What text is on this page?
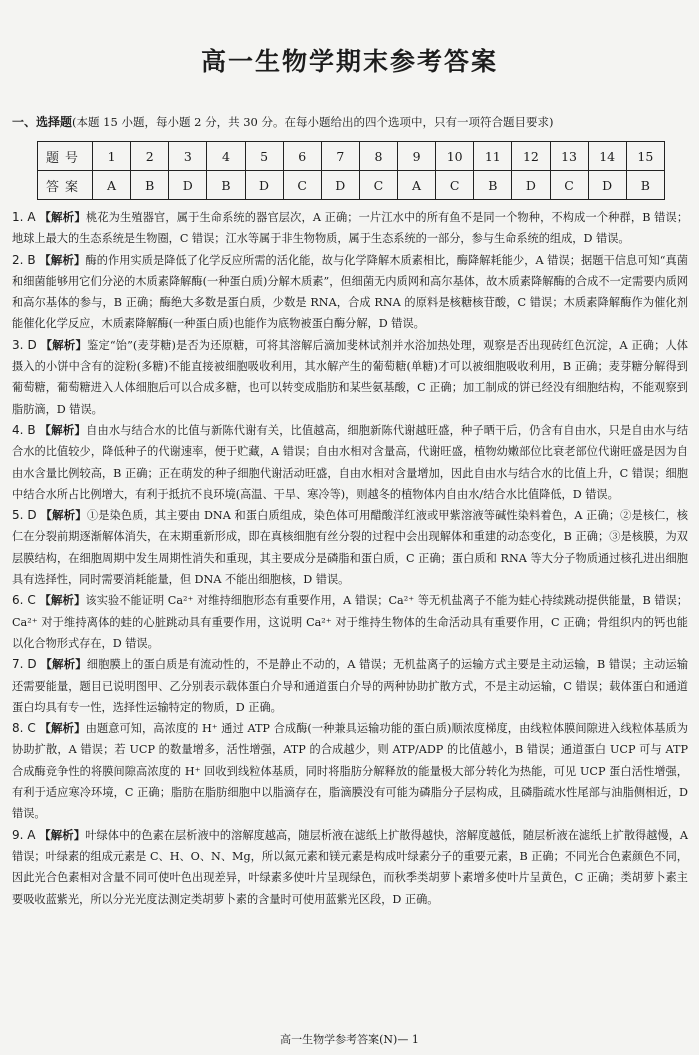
高一生物学期末参考答案
一、选择题(本题 15 小题，每小题 2 分，共 30 分。在每小题给出的四个选项中，只有一项符合题目要求)
题号	1	2	3	4	5	6	7	8	9	10	11	12	13	14	15
答案	A	B	D	B	D	C	D	C	A	C	B	D	C	D	B
1. A 【解析】桃花为生殖器官，属于生命系统的器官层次，A 正确；一片江水中的所有鱼不是同一个物种，不构成一个种群，B 错误；地球上最大的生态系统是生物圈，C 错误；江水等属于非生物物质，属于生态系统的一部分，参与生命系统的组成，D 错误。
2. B 【解析】酶的作用实质是降低了化学反应所需的活化能，故与化学降解木质素相比，酶降解耗能少，A 错误；据题干信息可知“真菌和细菌能够用它们分泌的木质素降解酶(一种蛋白质)分解木质素”，但细菌无内质网和高尔基体，故木质素降解酶的合成不一定需要内质网和高尔基体的参与，B 正确；酶绝大多数是蛋白质，少数是 RNA，合成 RNA 的原料是核糖核苷酸，C 错误；木质素降解酶作为催化剂能催化化学反应，木质素降解酶(一种蛋白质)也能作为底物被蛋白酶分解，D 错误。
3. D 【解析】鉴定“饴”(麦芽糖)是否为还原糖，可将其溶解后滴加斐林试剂并水浴加热处理，观察是否出现砖红色沉淀，A 正确；人体摄入的小饼中含有的淀粉(多糖)不能直接被细胞吸收利用，其水解产生的葡萄糖(单糖)才可以被细胞吸收利用，B 正确；麦芽糖分解得到葡萄糖，葡萄糖进入人体细胞后可以合成多糖，也可以转变成脂肪和某些氨基酸，C 正确；加工制成的饼已经没有细胞结构，不能观察到脂肪滴，D 错误。
4. B 【解析】自由水与结合水的比值与新陈代谢有关，比值越高，细胞新陈代谢越旺盛，种子晒干后，仍含有自由水，只是自由水与结合水的比值较少，降低种子的代谢速率，便于贮藏，A 错误；自由水相对含量高，代谢旺盛，植物幼嫩部位比衰老部位代谢旺盛是因为自由水含量比例较高，B 正确；正在萌发的种子细胞代谢活动旺盛，自由水相对含量增加，因此自由水与结合水的比值上升，C 错误；细胞中结合水所占比例增大，有利于抵抗不良环境(高温、干旱、寒冷等)，则越冬的植物体内自由水/结合水比值降低，D 错误。
5. D 【解析】①是染色质，其主要由 DNA 和蛋白质组成，染色体可用醋酸洋红液或甲紫溶液等碱性染料着色，A 正确；②是核仁，核仁在分裂前期逐渐解体消失，在末期重新形成，即在真核细胞有丝分裂的过程中会出现解体和重建的动态变化，B 正确；③是核膜，为双层膜结构，在细胞周期中发生周期性消失和重现，其主要成分是磷脂和蛋白质，C 正确；蛋白质和 RNA 等大分子物质通过核孔进出细胞具有选择性，同时需要消耗能量，但 DNA 不能出细胞核，D 错误。
6. C 【解析】该实验不能证明 Ca²⁺ 对维持细胞形态有重要作用，A 错误；Ca²⁺ 等无机盐离子不能为蛙心持续跳动提供能量，B 错误；Ca²⁺ 对于维持离体的蛙的心脏跳动具有重要作用，这说明 Ca²⁺ 对于维持生物体的生命活动具有重要作用，C 正确；骨组织内的钙也能以化合物形式存在，D 错误。
7. D 【解析】细胞膜上的蛋白质是有流动性的，不是静止不动的，A 错误；无机盐离子的运输方式主要是主动运输，B 错误；主动运输还需要能量，题目已说明图甲、乙分别表示载体蛋白介导和通道蛋白介导的两种协助扩散方式，不是主动运输，C 错误；载体蛋白和通道蛋白均具有专一性，选择性运输特定的物质，D 正确。
8. C 【解析】由题意可知，高浓度的 H⁺ 通过 ATP 合成酶(一种兼具运输功能的蛋白质)顺浓度梯度，由线粒体膜间隙进入线粒体基质为协助扩散，A 错误；若 UCP 的数量增多，活性增强，ATP 的合成越少，则 ATP/ADP 的比值越小，B 错误；通道蛋白 UCP 可与 ATP 合成酶竞争性的将膜间隙高浓度的 H⁺ 回收到线粒体基质，同时将脂肪分解释放的能量极大部分转化为热能，可见 UCP 蛋白活性增强，有利于适应寒冷环境，C 正确；脂肪在脂肪细胞中以脂滴存在，脂滴膜没有可能为磷脂分子层构成，且磷脂疏水性尾部与油脂侧相近，D 错误。
9. A 【解析】叶绿体中的色素在层析液中的溶解度越高，随层析液在滤纸上扩散得越快，溶解度越低，随层析液在滤纸上扩散得越慢，A 错误；叶绿素的组成元素是 C、H、O、N、Mg，所以氮元素和镁元素是构成叶绿素分子的重要元素，B 正确；不同光合色素颜色不同，因此光合色素相对含量不同可使叶色出现差异，叶绿素多使叶片呈现绿色，而秋季类胡萝卜素增多使叶片呈黄色，C 正确；类胡萝卜素主要吸收蓝紫光，所以分光光度法测定类胡萝卜素的含量时可使用蓝紫光区段，D 正确。
高一生物学参考答案(N)— 1
